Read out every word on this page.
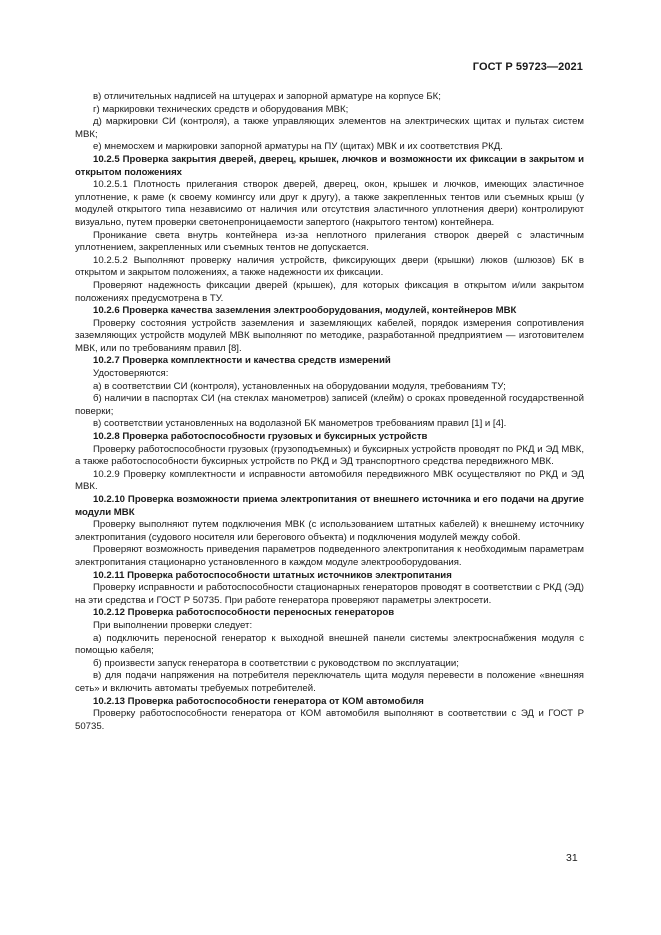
ГОСТ Р 59723—2021

в) отличительных надписей на штуцерах и запорной арматуре на корпусе БК;

г) маркировки технических средств и оборудования МВК;

д) маркировки СИ (контроля), а также управляющих элементов на электрических щитах и пультах систем МВК;

е) мнемосхем и маркировки запорной арматуры на ПУ (щитах) МВК и их соответствия РКД.

10.2.5 Проверка закрытия дверей, дверец, крышек, лючков и возможности их фиксации в закрытом и открытом положениях

10.2.5.1 Плотность прилегания створок дверей, дверец, окон, крышек и лючков, имеющих эластичное уплотнение, к раме (к своему комингсу или друг к другу), а также закрепленных тентов или съемных крыш (у модулей открытого типа независимо от наличия или отсутствия эластичного уплотнения двери) контролируют визуально, путем проверки светонепроницаемости запертого (накрытого тентом) контейнера.

Проникание света внутрь контейнера из-за неплотного прилегания створок дверей с эластичным уплотнением, закрепленных или съемных тентов не допускается.

10.2.5.2 Выполняют проверку наличия устройств, фиксирующих двери (крышки) люков (шлюзов) БК в открытом и закрытом положениях, а также надежности их фиксации.

Проверяют надежность фиксации дверей (крышек), для которых фиксация в открытом и/или закрытом положениях предусмотрена в ТУ.

10.2.6 Проверка качества заземления электрооборудования, модулей, контейнеров МВК

Проверку состояния устройств заземления и заземляющих кабелей, порядок измерения сопротивления заземляющих устройств модулей МВК выполняют по методике, разработанной предприятием — изготовителем МВК, или по требованиям правил [8].

10.2.7 Проверка комплектности и качества средств измерений

Удостоверяются:

а) в соответствии СИ (контроля), установленных на оборудовании модуля, требованиям ТУ;

б) наличии в паспортах СИ (на стеклах манометров) записей (клейм) о сроках проведенной государственной поверки;

в) соответствии установленных на водолазной БК манометров требованиям правил [1] и [4].

10.2.8 Проверка работоспособности грузовых и буксирных устройств

Проверку работоспособности грузовых (грузоподъемных) и буксирных устройств проводят по РКД и ЭД МВК, а также работоспособности буксирных устройств по РКД и ЭД транспортного средства передвижного МВК.

10.2.9 Проверку комплектности и исправности автомобиля передвижного МВК осуществляют по РКД и ЭД МВК.

10.2.10 Проверка возможности приема электропитания от внешнего источника и его подачи на другие модули МВК

Проверку выполняют путем подключения МВК (с использованием штатных кабелей) к внешнему источнику электропитания (судового носителя или берегового объекта) и подключения модулей между собой.

Проверяют возможность приведения параметров подведенного электропитания к необходимым параметрам электропитания стационарно установленного в каждом модуле электрооборудования.

10.2.11 Проверка работоспособности штатных источников электропитания

Проверку исправности и работоспособности стационарных генераторов проводят в соответствии с РКД (ЭД) на эти средства и ГОСТ Р 50735. При работе генератора проверяют параметры электросети.

10.2.12 Проверка работоспособности переносных генераторов

При выполнении проверки следует:

а) подключить переносной генератор к выходной внешней панели системы электроснабжения модуля с помощью кабеля;

б) произвести запуск генератора в соответствии с руководством по эксплуатации;

в) для подачи напряжения на потребителя переключатель щита модуля перевести в положение «внешняя сеть» и включить автоматы требуемых потребителей.

10.2.13 Проверка работоспособности генератора от КОМ автомобиля

Проверку работоспособности генератора от КОМ автомобиля выполняют в соответствии с ЭД и ГОСТ Р 50735.

31
